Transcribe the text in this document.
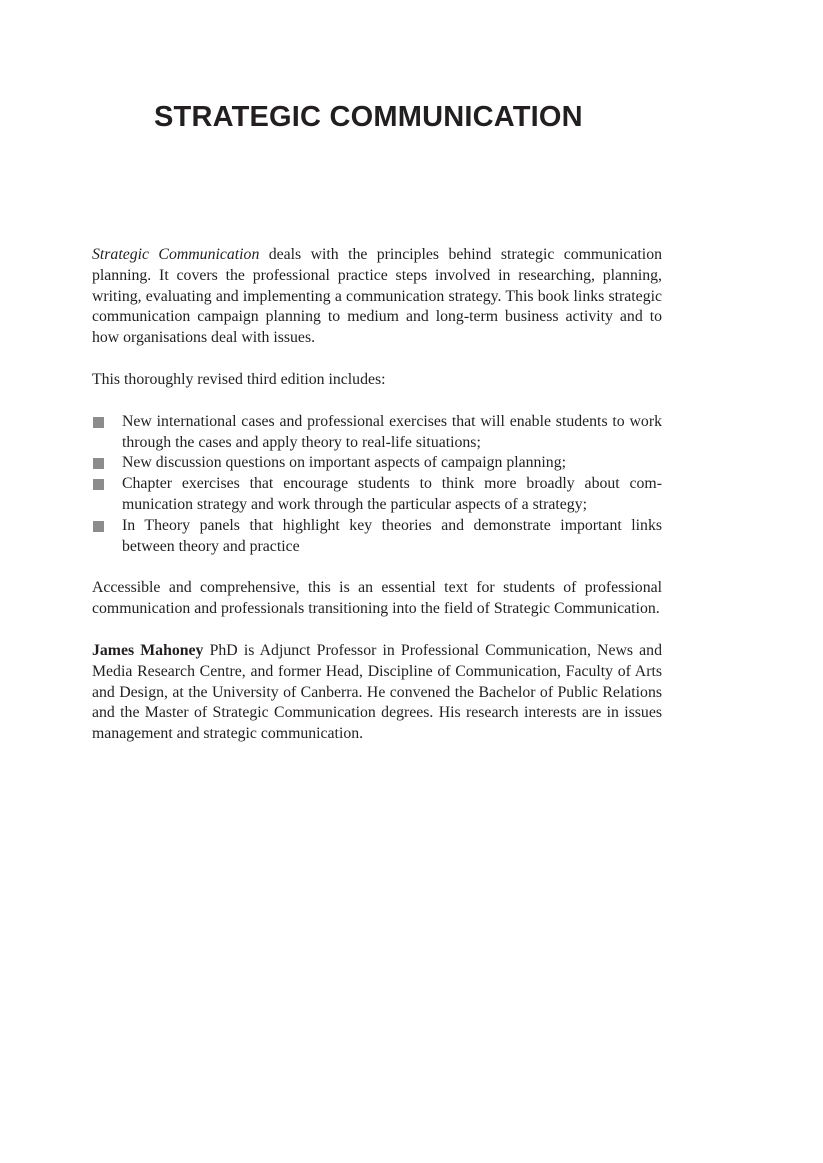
STRATEGIC COMMUNICATION

Strategic Communication deals with the principles behind strategic communication planning. It covers the professional practice steps involved in researching, planning, writing, evaluating and implementing a communication strategy. This book links strategic communication campaign planning to medium and long-term business activity and to how organisations deal with issues.

This thoroughly revised third edition includes:

New international cases and professional exercises that will enable students to work through the cases and apply theory to real-life situations;
New discussion questions on important aspects of campaign planning;
Chapter exercises that encourage students to think more broadly about communication strategy and work through the particular aspects of a strategy;
In Theory panels that highlight key theories and demonstrate important links between theory and practice

Accessible and comprehensive, this is an essential text for students of professional communication and professionals transitioning into the field of Strategic Communication.

James Mahoney PhD is Adjunct Professor in Professional Communication, News and Media Research Centre, and former Head, Discipline of Communication, Faculty of Arts and Design, at the University of Canberra. He convened the Bachelor of Public Relations and the Master of Strategic Communication degrees. His research interests are in issues management and strategic communication.
